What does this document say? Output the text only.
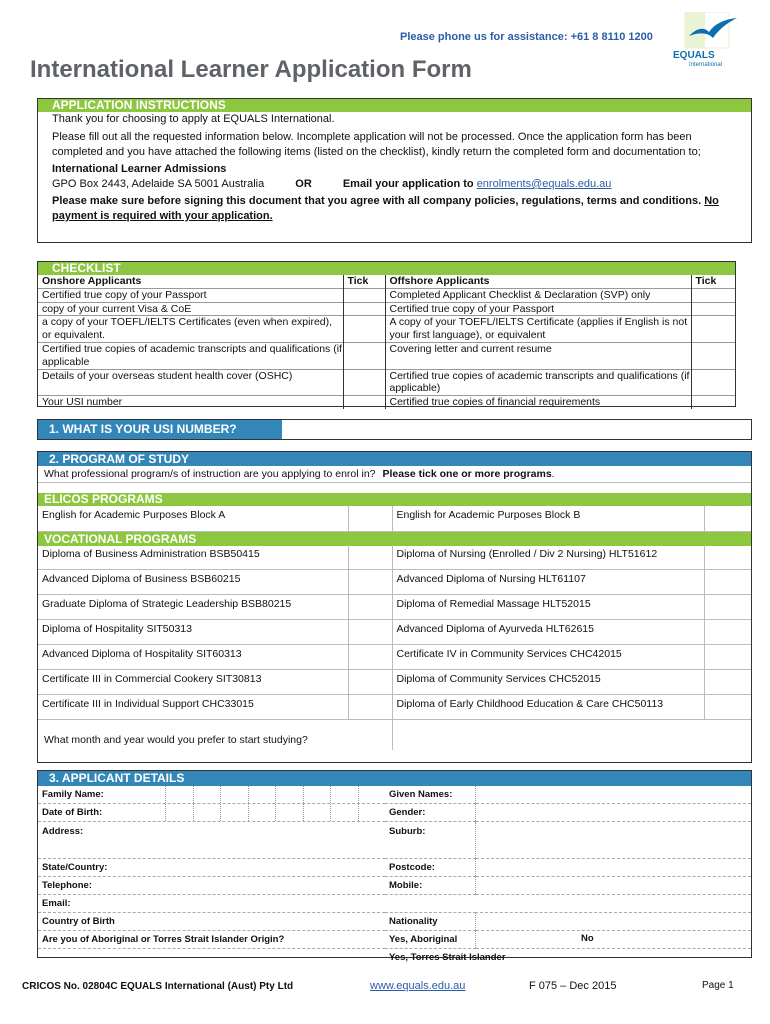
Please phone us for assistance: +61 8 8110 1200
International Learner Application Form
EQUALS
International
APPLICATION INSTRUCTIONS

Thank you for choosing to apply at EQUALS International.

Please fill out all the requested information below. Incomplete application will not be processed. Once the application form has been completed and you have attached the following items (listed on the checklist), kindly return the completed form and documentation to;

International Learner Admissions

GPO Box 2443, Adelaide SA 5001 Australia	OR	Email your application to enrolments@equals.edu.au

Please make sure before signing this document that you agree with all company policies, regulations, terms and conditions. No payment is required with your application.

CHECKLIST
Onshore Applicants	Tick	Offshore Applicants	Tick
Certified true copy of your Passport		Completed Applicant Checklist & Declaration (SVP) only	
copy of your current Visa & CoE		Certified true copy of your Passport	
a copy of your TOEFL/IELTS Certificates (even when expired), or equivalent.		A copy of your TOEFL/IELTS Certificate (applies if English is not your first language), or equivalent	
Certified true copies of academic transcripts and qualifications (if applicable		Covering letter and current resume	
Details of your overseas student health cover (OSHC)		Certified true copies of academic transcripts and qualifications (if applicable)	
Your USI number		Certified true copies of financial requirements	
1. WHAT IS YOUR USI NUMBER?
2. PROGRAM OF STUDY
What professional program/s of instruction are you applying to enrol in? Please tick one or more programs.
ELICOS PROGRAMS
English for Academic Purposes Block A		English for Academic Purposes Block B	
VOCATIONAL PROGRAMS
Diploma of Business Administration BSB50415		Diploma of Nursing (Enrolled / Div 2 Nursing) HLT51612	
Advanced Diploma of Business BSB60215		Advanced Diploma of Nursing HLT61107	
Graduate Diploma of Strategic Leadership BSB80215		Diploma of Remedial Massage HLT52015	
Diploma of Hospitality SIT50313		Advanced Diploma of Ayurveda HLT62615	
Advanced Diploma of Hospitality SIT60313		Certificate IV in Community Services CHC42015	
Certificate III in Commercial Cookery SIT30813		Diploma of Community Services CHC52015	
Certificate III in Individual Support CHC33015		Diploma of Early Childhood Education & Care CHC50113	
What month and year would you prefer to start studying?
3. APPLICANT DETAILS
Family Name:	Given Names:	
Date of Birth:	Gender:	
Address:	Suburb:	
State/Country:	Postcode:	
Telephone:	Mobile:	
Email:		
Country of Birth	Nationality	
Are you of Aboriginal or Torres Strait Islander Origin?	Yes, Aboriginal No	

	Yes, Torres Strait Islander	
CRICOS No. 02804C EQUALS International (Aust) Pty Ltd	www.equals.edu.au	F 075 – Dec 2015	Page 1
